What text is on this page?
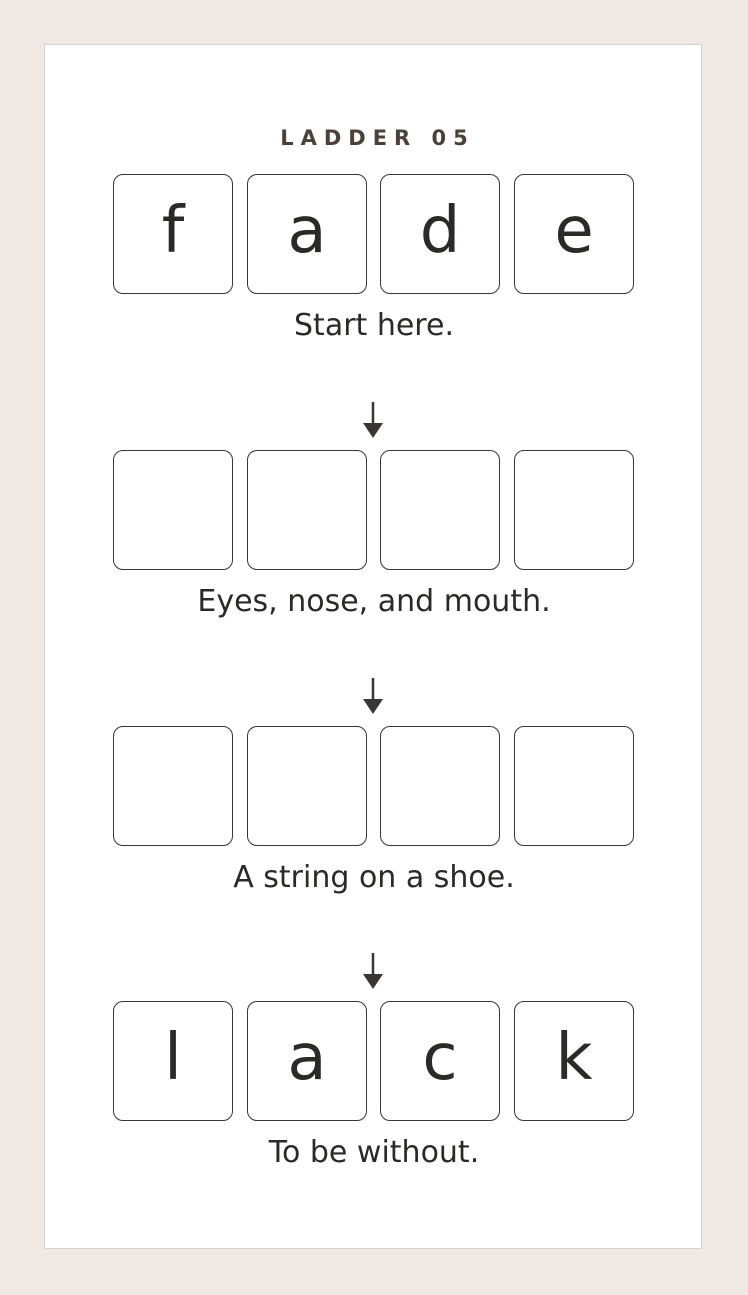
LADDER 05
f a d e
Start here.
Eyes, nose, and mouth.
A string on a shoe.
l a c k
To be without.
